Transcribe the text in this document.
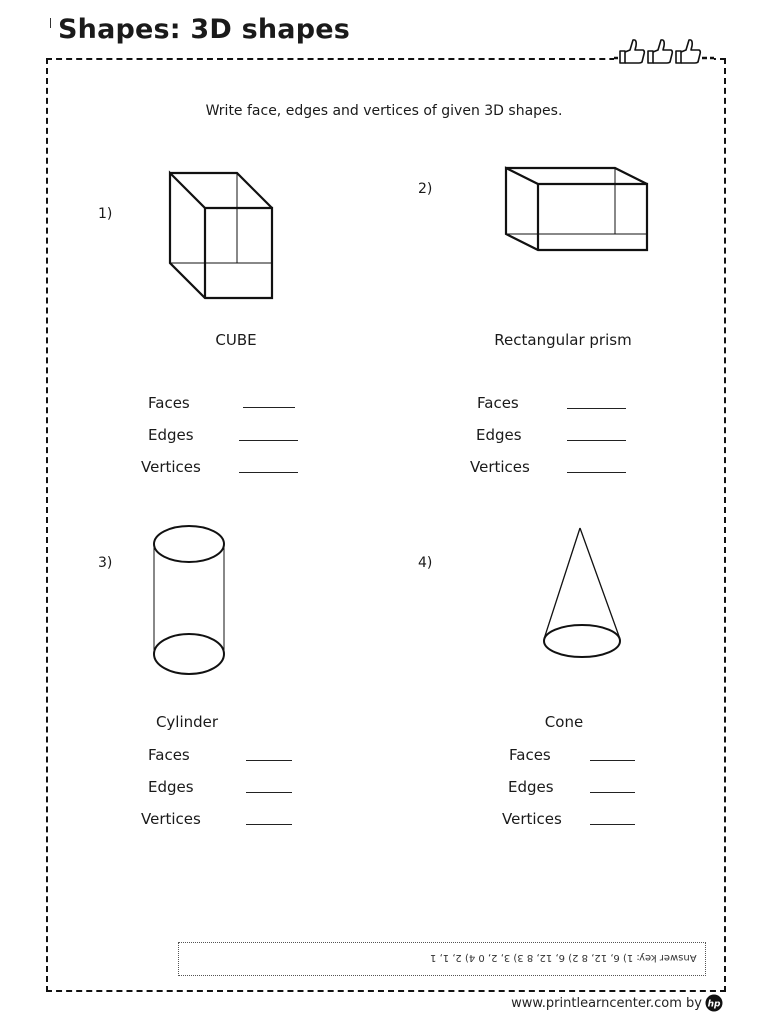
Shapes: 3D shapes
Write face, edges and vertices of given 3D shapes.
1)
CUBE
Faces
Edges
Vertices
2)
Rectangular prism
Faces
Edges
Vertices
3)
Cylinder
Faces
Edges
Vertices
4)
Cone
Faces
Edges
Vertices
Answer key: 1) 6, 12, 8 2) 6, 12, 8 3) 3, 2, 0 4) 2, 1, 1
www.printlearncenter.com by hp
